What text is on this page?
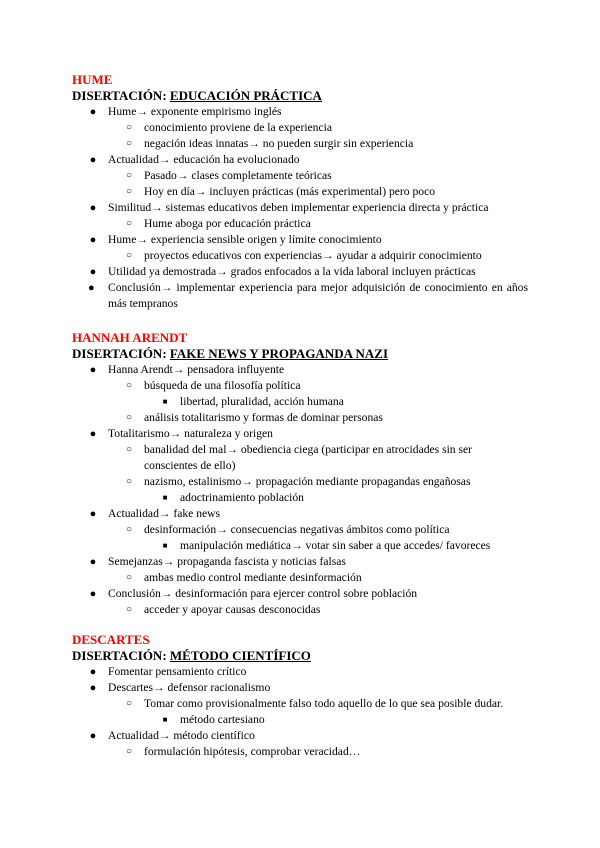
HUME

DISERTACIÓN: EDUCACIÓN PRÁCTICA

● Hume→ exponente empirismo inglés
○ conocimiento proviene de la experiencia
○ negación ideas innatas→ no pueden surgir sin experiencia
● Actualidad→ educación ha evolucionado
○ Pasado→ clases completamente teóricas
○ Hoy en día→ incluyen prácticas (más experimental) pero poco
● Similitud→ sistemas educativos deben implementar experiencia directa y práctica
○ Hume aboga por educación práctica
● Hume→ experiencia sensible origen y límite conocimiento
○ proyectos educativos con experiencias→ ayudar a adquirir conocimiento
● Utilidad ya demostrada→ grados enfocados a la vida laboral incluyen prácticas
● Conclusión→ implementar experiencia para mejor adquisición de conocimiento en años más tempranos

HANNAH ARENDT

DISERTACIÓN: FAKE NEWS Y PROPAGANDA NAZI

● Hanna Arendt→ pensadora influyente
○ búsqueda de una filosofía política
■ libertad, pluralidad, acción humana
○ análisis totalitarismo y formas de dominar personas
● Totalitarismo→ naturaleza y origen
○ banalidad del mal→ obediencia ciega (participar en atrocidades sin ser conscientes de ello)
○ nazismo, estalinismo→ propagación mediante propagandas engañosas
■ adoctrinamiento población
● Actualidad→ fake news
○ desinformación→ consecuencias negativas ámbitos como política
■ manipulación mediática→ votar sin saber a que accedes/ favoreces
● Semejanzas→ propaganda fascista y noticias falsas
○ ambas medio control mediante desinformación
● Conclusión→ desinformación para ejercer control sobre población
○ acceder y apoyar causas desconocidas

DESCARTES

DISERTACIÓN: MÉTODO CIENTÍFICO

● Fomentar pensamiento crítico
● Descartes→ defensor racionalismo
○ Tomar como provisionalmente falso todo aquello de lo que sea posible dudar.
■ método cartesiano
● Actualidad→ método científico
○ formulación hipótesis, comprobar veracidad…
